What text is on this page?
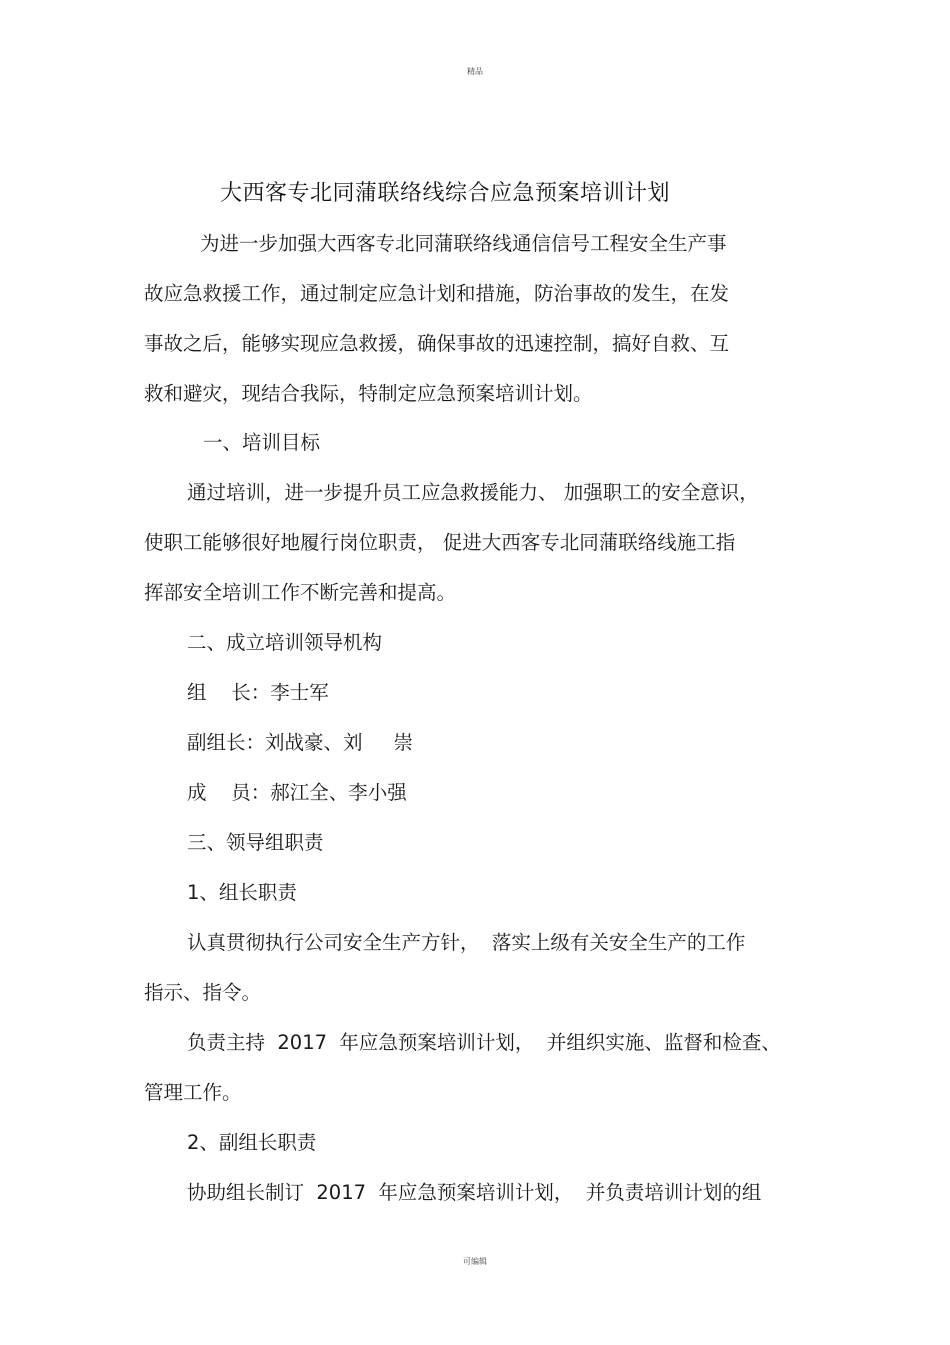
精品
大西客专北同蒲联络线综合应急预案培训计划
为进一步加强大西客专北同蒲联络线通信信号工程安全生产事
故应急救援工作，通过制定应急计划和措施，防治事故的发生，在发
事故之后，能够实现应急救援，确保事故的迅速控制，搞好自救、互
救和避灾，现结合我际，特制定应急预案培训计划。
一、培训目标
通过培训，进一步提升员工应急救援能力、 加强职工的安全意识，
使职工能够很好地履行岗位职责， 促进大西客专北同蒲联络线施工指
挥部安全培训工作不断完善和提高。
二、成立培训领导机构
组    长：李士军
副组长：刘战豪、刘     崇
成    员：郝江全、李小强
三、领导组职责
1、组长职责
认真贯彻执行公司安全生产方针，  落实上级有关安全生产的工作
指示、指令。
负责主持  2017  年应急预案培训计划，  并组织实施、监督和检查、
管理工作。
2、副组长职责
协助组长制订  2017  年应急预案培训计划，  并负责培训计划的组
可编辑
